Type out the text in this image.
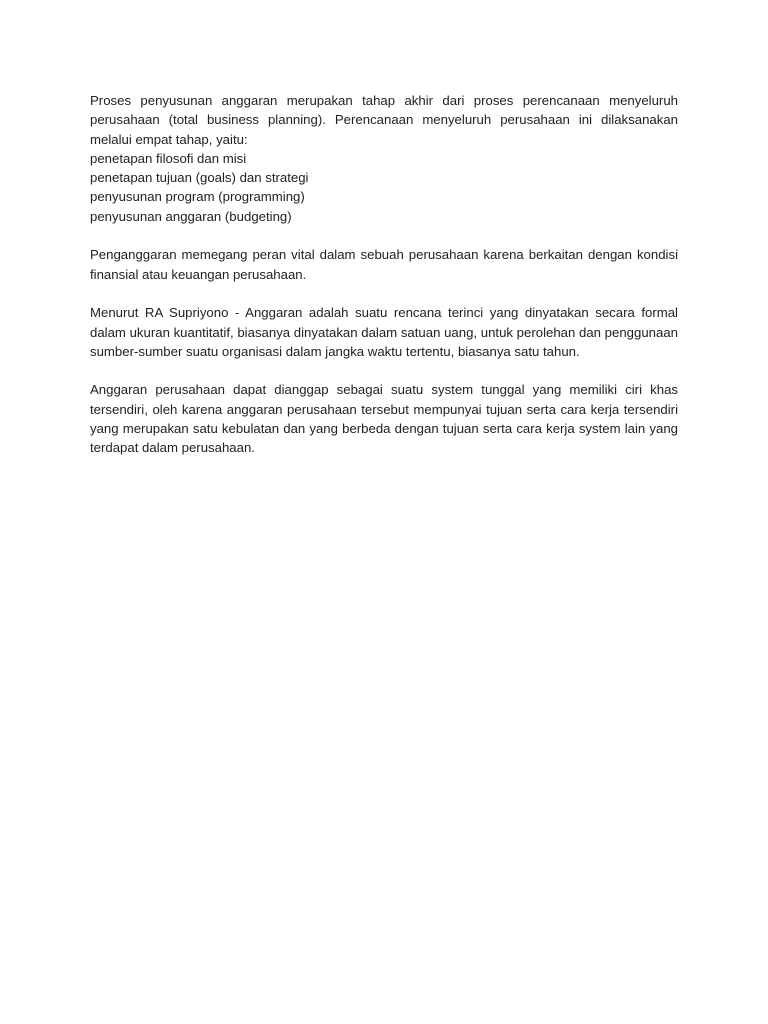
Proses penyusunan anggaran merupakan tahap akhir dari proses perencanaan menyeluruh perusahaan (total business planning). Perencanaan menyeluruh perusahaan ini dilaksanakan melalui empat tahap, yaitu:

penetapan filosofi dan misi
penetapan tujuan (goals) dan strategi
penyusunan program (programming)
penyusunan anggaran (budgeting)

Penganggaran memegang peran vital dalam sebuah perusahaan karena berkaitan dengan kondisi finansial atau keuangan perusahaan.

Menurut RA Supriyono - Anggaran adalah suatu rencana terinci yang dinyatakan secara formal dalam ukuran kuantitatif, biasanya dinyatakan dalam satuan uang, untuk perolehan dan penggunaan sumber-sumber suatu organisasi dalam jangka waktu tertentu, biasanya satu tahun.

Anggaran perusahaan dapat dianggap sebagai suatu system tunggal yang memiliki ciri khas tersendiri, oleh karena anggaran perusahaan tersebut mempunyai tujuan serta cara kerja tersendiri yang merupakan satu kebulatan dan yang berbeda dengan tujuan serta cara kerja system lain yang terdapat dalam perusahaan.
